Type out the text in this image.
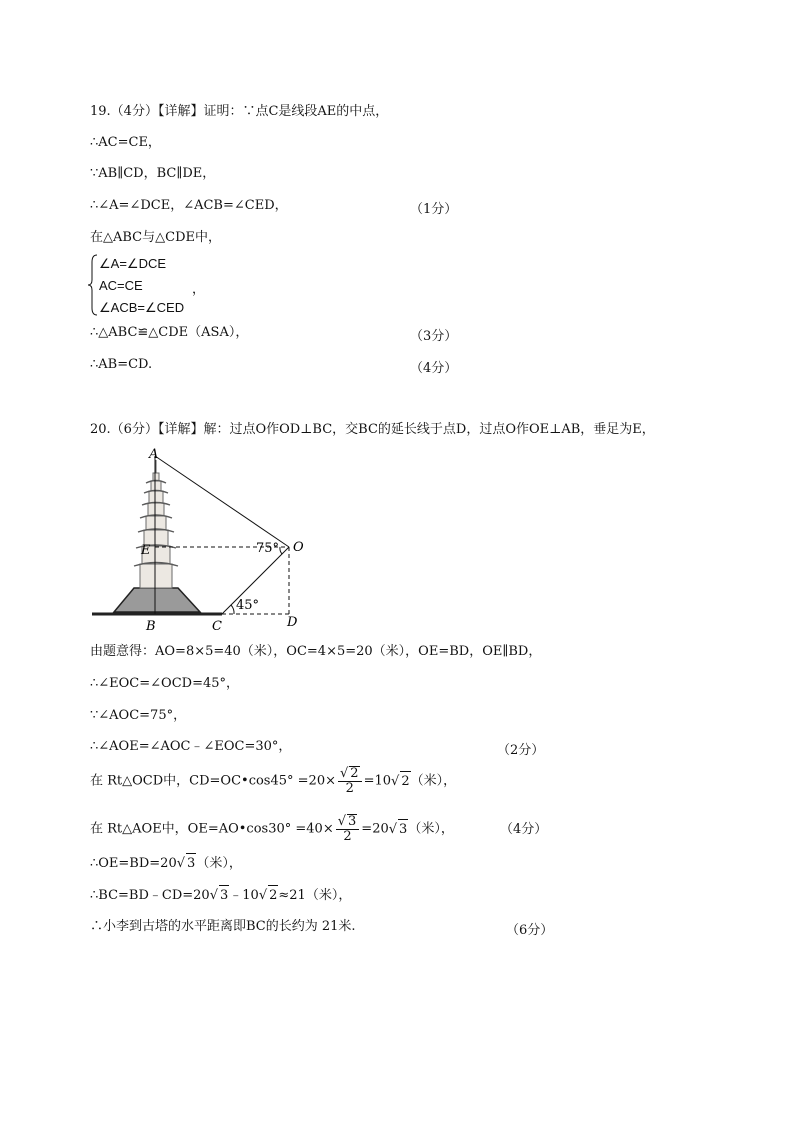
19.（4分）【详解】证明：∵点C是线段AE的中点，
∴AC=CE，
∵AB∥CD，BC∥DE，
∴∠A=∠DCE，∠ACB=∠CED，	（1分）
在△ABC与△CDE中，
∠A=∠DCE
AC=CE
∠ACB=∠CED
，
∴△ABC≌△CDE（ASA），	（3分）
∴AB=CD.	（4分）
20.（6分）【详解】解：过点O作OD⊥BC，交BC的延长线于点D，过点O作OE⊥AB，垂足为E，
A
B	C	D
E	O
75°
45°
由题意得：AO=8×5=40（米），OC=4×5=20（米），OE=BD，OE∥BD，
∴∠EOC=∠OCD=45°，
∵∠AOC=75°，
∴∠AOE=∠AOC﹣∠EOC=30°，	（2分）
在 Rt△OCD中，CD=OC•cos45° =20×
√ $\frac{2}{2} =10√$ 2（米），
在 Rt△AOE中，OE=AO•cos30° =40×
√ $\frac{3}{2} =20√$ 3（米），	（4分）
∴OE=BD=20√ 3（米），
∴BC=BD﹣CD=20√ 3﹣10√ 2≈21（米），
∴小李到古塔的水平距离即BC的长约为 21米.	（6分）
